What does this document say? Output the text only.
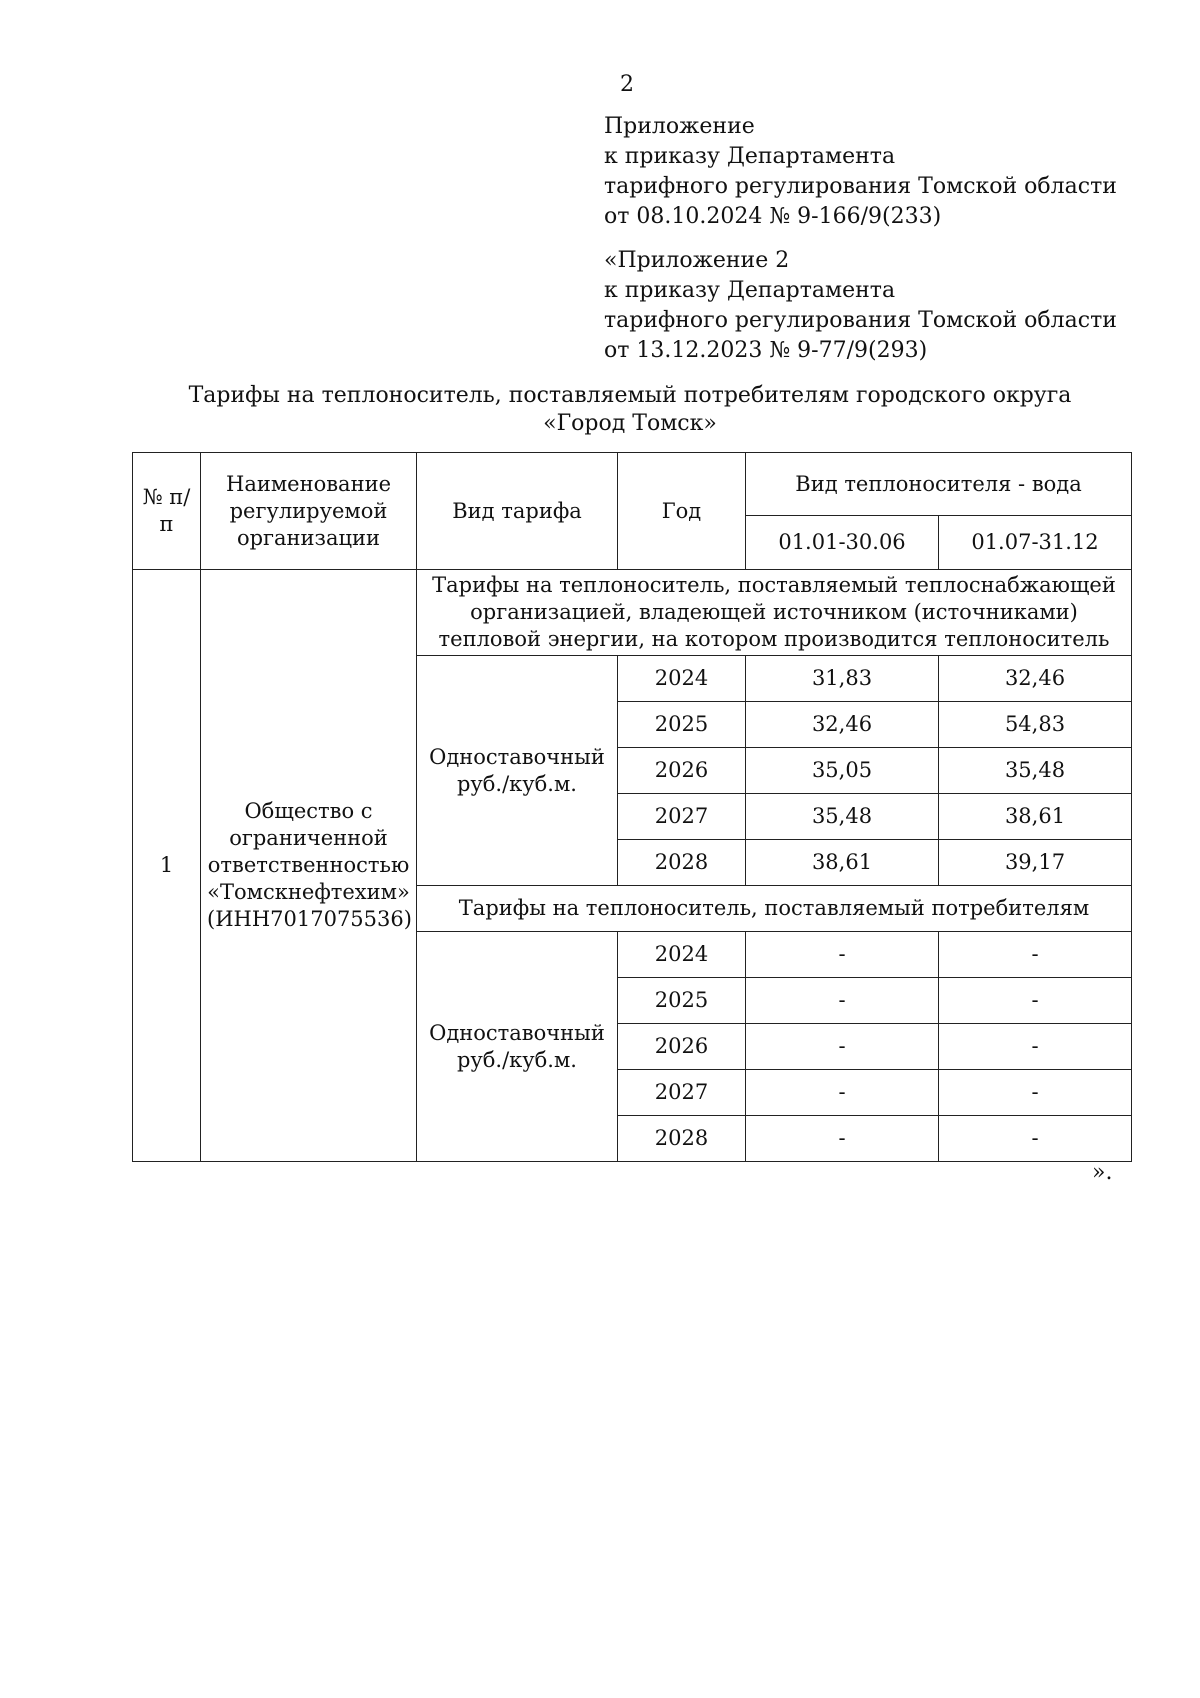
2
Приложение
к приказу Департамента
тарифного регулирования Томской области
от 08.10.2024 № 9-166/9(233)
«Приложение 2
к приказу Департамента
тарифного регулирования Томской области
от 13.12.2023 № 9-77/9(293)
Тарифы на теплоноситель, поставляемый потребителям городского округа «Город Томск»
№ п/п	Наименование регулируемой организации	Вид тарифа	Год	Вид теплоносителя - вода	
				01.01-30.06	01.07-31.12
1	Общество с ограниченной ответственностью «Томскнефтехим» (ИНН7017075536)	Тарифы на теплоноситель, поставляемый теплоснабжающей организацией, владеющей источником (источниками) тепловой энергии, на котором производится теплоноситель			
		Одноставочный руб./куб.м.	2024	31,83	32,46
			2025	32,46	54,83
			2026	35,05	35,48
			2027	35,48	38,61
			2028	38,61	39,17
		Тарифы на теплоноситель, поставляемый потребителям			
		Одноставочный руб./куб.м.	2024	-	-
			2025	-	-
			2026	-	-
			2027	-	-
			2028	-	-
».
